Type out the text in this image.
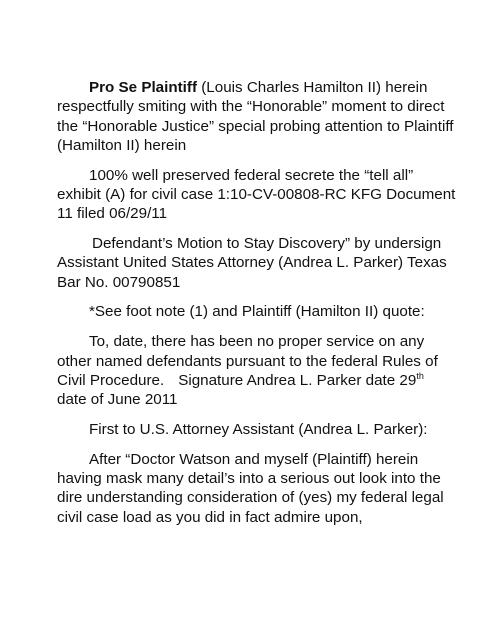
Pro Se Plaintiff (Louis Charles Hamilton II) herein respectfully smiting with the “Honorable” moment to direct the “Honorable Justice” special probing attention to Plaintiff (Hamilton II) herein

100% well preserved federal secrete the “tell all” exhibit (A) for civil case 1:10-CV-00808-RC KFG Document 11 filed 06/29/11

Defendant’s Motion to Stay Discovery” by undersign Assistant United States Attorney (Andrea L. Parker) Texas Bar No. 00790851

*See foot note (1) and Plaintiff (Hamilton II) quote:

To, date, there has been no proper service on any other named defendants pursuant to the federal Rules of Civil Procedure. Signature Andrea L. Parker date 29th date of June 2011

First to U.S. Attorney Assistant (Andrea L. Parker):

After “Doctor Watson and myself (Plaintiff) herein having mask many detail’s into a serious out look into the dire understanding consideration of (yes) my federal legal civil case load as you did in fact admire upon,
